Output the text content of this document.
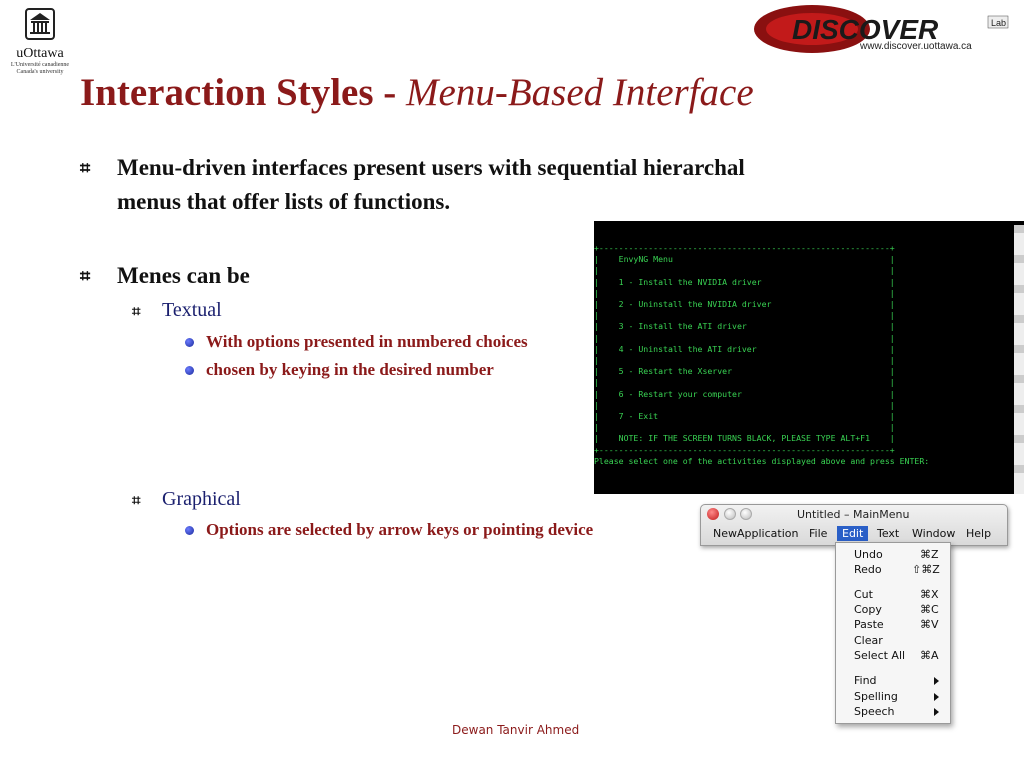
uOttawa
L'Université canadienne
Canada's university
DISCOVER	Lab
www.discover.uottawa.ca
Interaction Styles - Menu-Based Interface
⌗ Menu-driven interfaces present users with sequential hierarchal
menus that offer lists of functions.
⌗ Menes can be
⌗ Textual
With options presented in numbered choices
chosen by keying in the desired number
⌗ Graphical
Options are selected by arrow keys or pointing device
+-----------------------------------------------------------+
|    EnvyNG Menu                                            |
|                                                           |
|    1 - Install the NVIDIA driver                          |
|                                                           |
|    2 - Uninstall the NVIDIA driver                        |
|                                                           |
|    3 - Install the ATI driver                             |
|                                                           |
|    4 - Uninstall the ATI driver                           |
|                                                           |
|    5 - Restart the Xserver                                |
|                                                           |
|    6 - Restart your computer                              |
|                                                           |
|    7 - Exit                                               |
|                                                           |
|    NOTE: IF THE SCREEN TURNS BLACK, PLEASE TYPE ALT+F1    |
+-----------------------------------------------------------+
Please select one of the activities displayed above and press ENTER:
Untitled – MainMenu
NewApplication File	Edit	Text Window Help
Undo	⌘Z
Redo	⇧⌘Z
Cut	⌘X
Copy	⌘C
Paste	⌘V
Clear
Select All ⌘A
Find
Spelling
Speech
Dewan Tanvir Ahmed
